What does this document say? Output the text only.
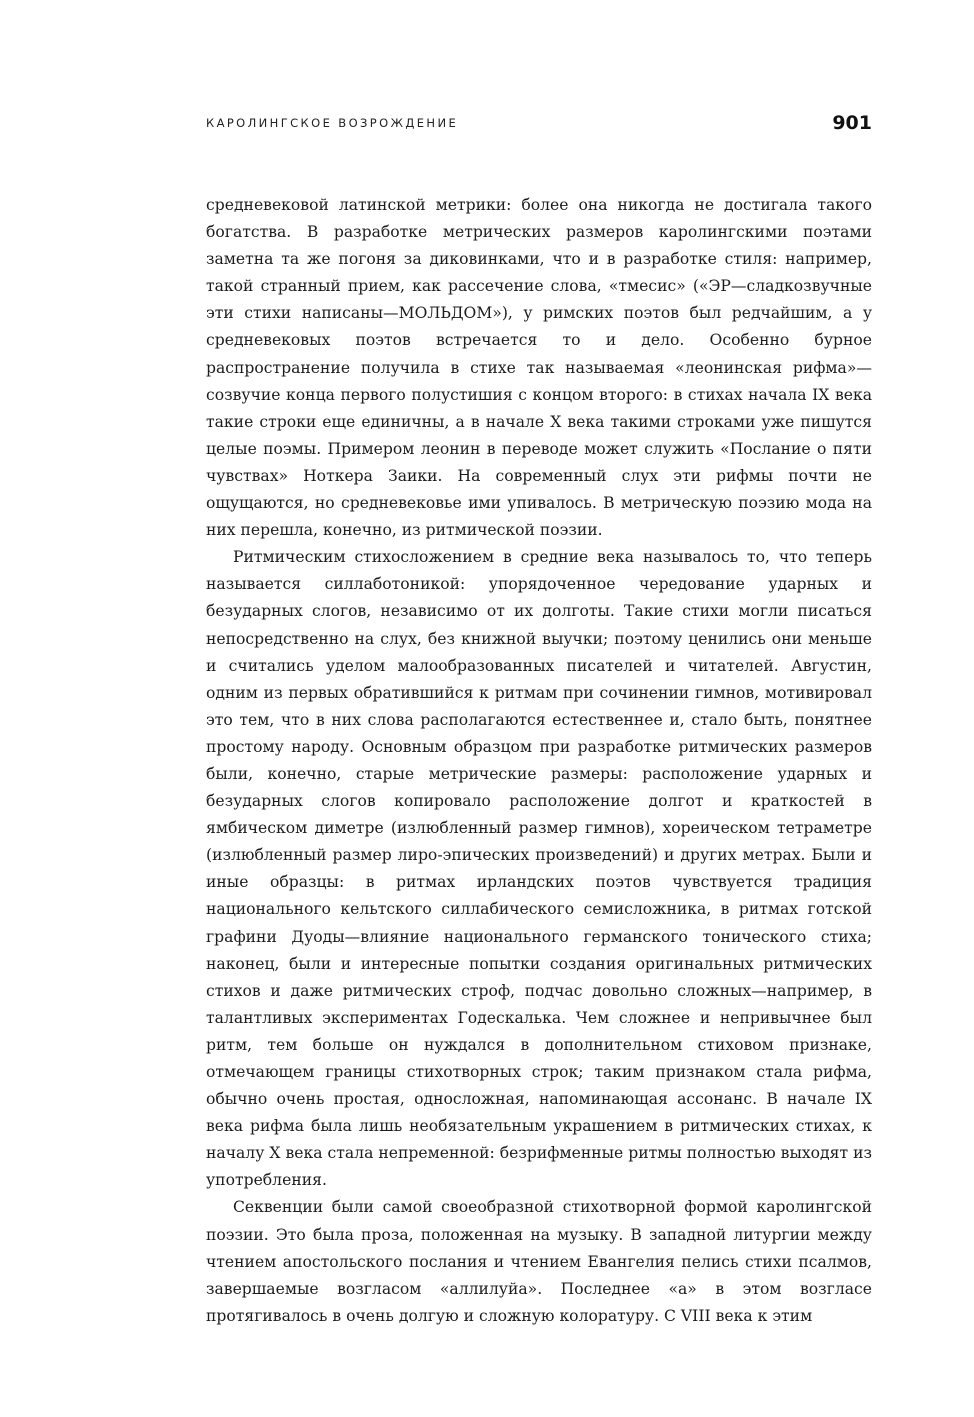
КАРОЛИНГСКОЕ ВОЗРОЖДЕНИЕ	901

средневековой латинской метрики: более она никогда не достигала такого богатства. В разработке метрических размеров каролингскими поэтами заметна та же погоня за диковинками, что и в разработке стиля: например, такой странный прием, как рассечение слова, «тмесис» («ЭР—сладкозвучные эти стихи написаны—МОЛЬДОМ»), у римских поэтов был редчайшим, а у средневековых поэтов встречается то и дело. Особенно бурное распространение получила в стихе так называемая «леонинская рифма»—созвучие конца первого полустишия с концом второго: в стихах начала IX века такие строки еще единичны, а в начале X века такими строками уже пишутся целые поэмы. Примером леонин в переводе может служить «Послание о пяти чувствах» Ноткера Заики. На современный слух эти рифмы почти не ощущаются, но средневековье ими упивалось. В метрическую поэзию мода на них перешла, конечно, из ритмической поэзии.

Ритмическим стихосложением в средние века называлось то, что теперь называется силлаботоникой: упорядоченное чередование ударных и безударных слогов, независимо от их долготы. Такие стихи могли писаться непосредственно на слух, без книжной выучки; поэтому ценились они меньше и считались уделом малообразованных писателей и читателей. Августин, одним из первых обратившийся к ритмам при сочинении гимнов, мотивировал это тем, что в них слова располагаются естественнее и, стало быть, понятнее простому народу. Основным образцом при разработке ритмических размеров были, конечно, старые метрические размеры: расположение ударных и безударных слогов копировало расположение долгот и краткостей в ямбическом диметре (излюбленный размер гимнов), хореическом тетраметре (излюбленный размер лиро-эпических произведений) и других метрах. Были и иные образцы: в ритмах ирландских поэтов чувствуется традиция национального кельтского силлабического семисложника, в ритмах готской графини Дуоды—влияние национального германского тонического стиха; наконец, были и интересные попытки создания оригинальных ритмических стихов и даже ритмических строф, подчас довольно сложных—например, в талантливых экспериментах Годескалька. Чем сложнее и непривычнее был ритм, тем больше он нуждался в дополнительном стиховом признаке, отмечающем границы стихотворных строк; таким признаком стала рифма, обычно очень простая, односложная, напоминающая ассонанс. В начале IX века рифма была лишь необязательным украшением в ритмических стихах, к началу X века стала непременной: безрифменные ритмы полностью выходят из употребления.

Секвенции были самой своеобразной стихотворной формой каролингской поэзии. Это была проза, положенная на музыку. В западной литургии между чтением апостольского послания и чтением Евангелия пелись стихи псалмов, завершаемые возгласом «аллилуйа». Последнее «а» в этом возгласе протягивалось в очень долгую и сложную колоратуру. С VIII века к этим
